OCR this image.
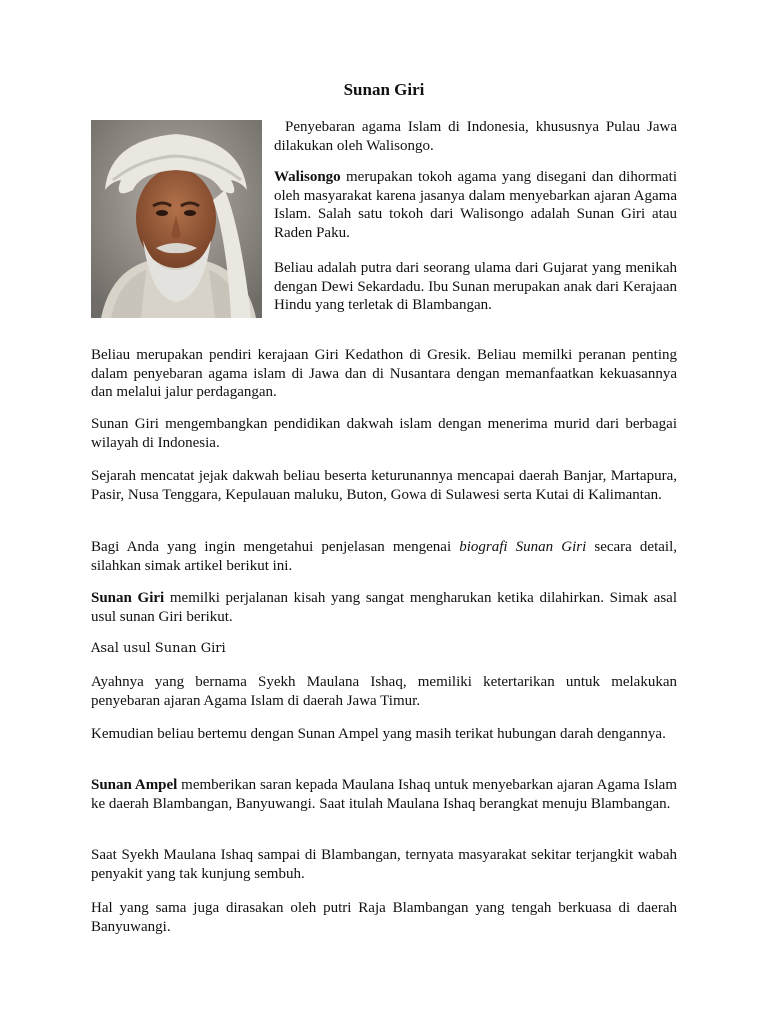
Sunan Giri

Penyebaran agama Islam di Indonesia, khususnya Pulau Jawa dilakukan oleh Walisongo.

Walisongo merupakan tokoh agama yang disegani dan dihormati oleh masyarakat karena jasanya dalam menyebarkan ajaran Agama Islam. Salah satu tokoh dari Walisongo adalah Sunan Giri atau Raden Paku.

Beliau adalah putra dari seorang ulama dari Gujarat yang menikah dengan Dewi Sekardadu. Ibu Sunan merupakan anak dari Kerajaan Hindu yang terletak di Blambangan.

Beliau merupakan pendiri kerajaan Giri Kedathon di Gresik. Beliau memilki peranan penting dalam penyebaran agama islam di Jawa dan di Nusantara dengan memanfaatkan kekuasannya dan melalui jalur perdagangan.

Sunan Giri mengembangkan pendidikan dakwah islam dengan menerima murid dari berbagai wilayah di Indonesia.

Sejarah mencatat jejak dakwah beliau beserta keturunannya mencapai daerah Banjar, Martapura, Pasir, Nusa Tenggara, Kepulauan maluku, Buton, Gowa di Sulawesi serta Kutai di Kalimantan.

Bagi Anda yang ingin mengetahui penjelasan mengenai biografi Sunan Giri secara detail, silahkan simak artikel berikut ini.

Sunan Giri memilki perjalanan kisah yang sangat mengharukan ketika dilahirkan. Simak asal usul sunan Giri berikut.

Asal usul Sunan Giri

Ayahnya yang bernama Syekh Maulana Ishaq, memiliki ketertarikan untuk melakukan penyebaran ajaran Agama Islam di daerah Jawa Timur.

Kemudian beliau bertemu dengan Sunan Ampel yang masih terikat hubungan darah dengannya.

Sunan Ampel memberikan saran kepada Maulana Ishaq untuk menyebarkan ajaran Agama Islam ke daerah Blambangan, Banyuwangi. Saat itulah Maulana Ishaq berangkat menuju Blambangan.

Saat Syekh Maulana Ishaq sampai di Blambangan, ternyata masyarakat sekitar terjangkit wabah penyakit yang tak kunjung sembuh.

Hal yang sama juga dirasakan oleh putri Raja Blambangan yang tengah berkuasa di daerah Banyuwangi.
